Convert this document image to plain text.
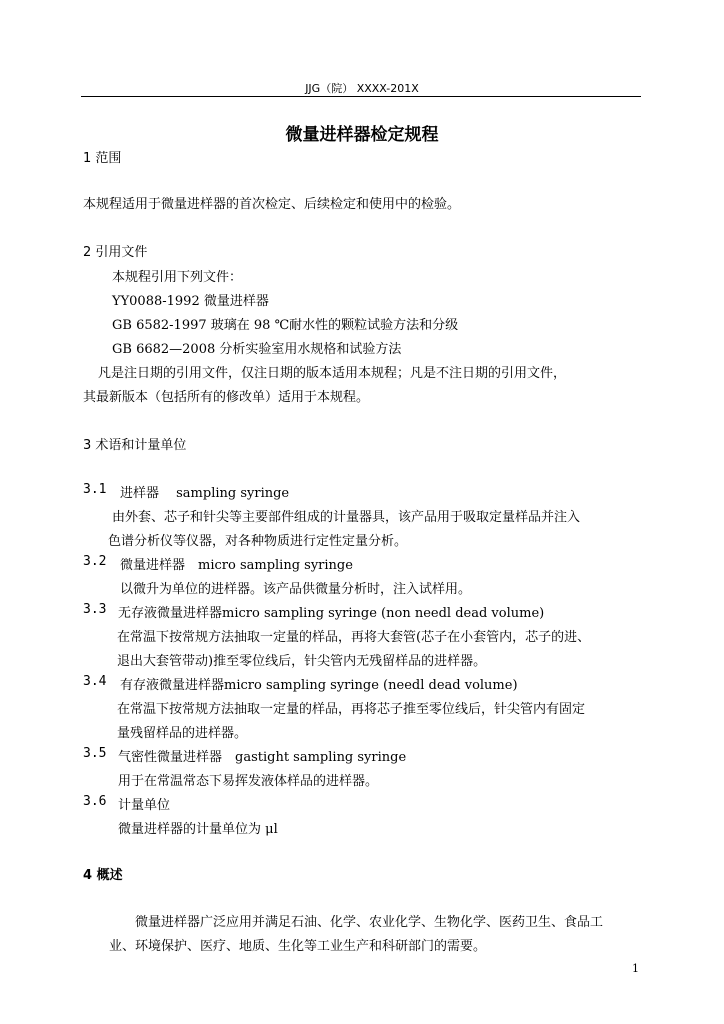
JJG（院） XXXX-201X
微量进样器检定规程
1 范围
本规程适用于微量进样器的首次检定、后续检定和使用中的检验。
2 引用文件
本规程引用下列文件：
YY0088-1992 微量进样器
GB 6582-1997 玻璃在 98 ℃耐水性的颗粒试验方法和分级
GB 6682—2008 分析实验室用水规格和试验方法
凡是注日期的引用文件，仅注日期的版本适用本规程；凡是不注日期的引用文件，
其最新版本（包括所有的修改单）适用于本规程。
3 术语和计量单位
3.1 进样器　 sampling syringe
由外套、芯子和针尖等主要部件组成的计量器具，该产品用于吸取定量样品并注入
色谱分析仪等仪器，对各种物质进行定性定量分析。
3.2 微量进样器　micro sampling syringe
以微升为单位的进样器。该产品供微量分析时，注入试样用。
3.3 无存液微量进样器micro sampling syringe (non needl dead volume)
在常温下按常规方法抽取一定量的样品，再将大套管(芯子在小套管内，芯子的进、
退出大套管带动)推至零位线后，针尖管内无残留样品的进样器。
3.4 有存液微量进样器micro sampling syringe (needl dead volume)
在常温下按常规方法抽取一定量的样品，再将芯子推至零位线后，针尖管内有固定
量残留样品的进样器。
3.5 气密性微量进样器　gastight sampling syringe
用于在常温常态下易挥发液体样品的进样器。
3.6 计量单位
微量进样器的计量单位为 μl
4 概述
微量进样器广泛应用并满足石油、化学、农业化学、生物化学、医药卫生、食品工
业、环境保护、医疗、地质、生化等工业生产和科研部门的需要。
1
